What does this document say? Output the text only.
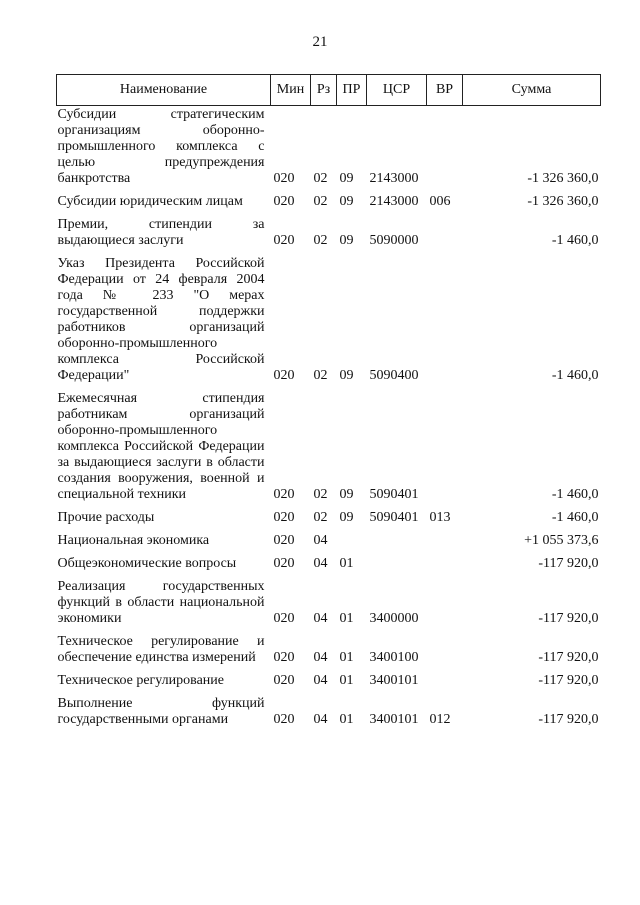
21
Наименование	Мин	Рз	ПР	ЦСР	ВР	Сумма
Субсидии стратегическим организациям оборонно-промышленного комплекса с целью предупреждения банкротства	020	02	09	2143000		-1 326 360,0
Субсидии юридическим лицам	020	02	09	2143000	006	-1 326 360,0
Премии, стипендии за выдающиеся заслуги	020	02	09	5090000		-1 460,0
Указ Президента Российской Федерации от 24 февраля 2004 года № 233 "О мерах государственной поддержки работников организаций оборонно-промышленного комплекса Российской Федерации"	020	02	09	5090400		-1 460,0
Ежемесячная стипендия работникам организаций оборонно-промышленного комплекса Российской Федерации за выдающиеся заслуги в области создания вооружения, военной и специальной техники	020	02	09	5090401		-1 460,0
Прочие расходы	020	02	09	5090401	013	-1 460,0
Национальная экономика	020	04				+1 055 373,6
Общеэкономические вопросы	020	04	01			-117 920,0
Реализация государственных функций в области национальной экономики	020	04	01	3400000		-117 920,0
Техническое регулирование и обеспечение единства измерений	020	04	01	3400100		-117 920,0
Техническое регулирование	020	04	01	3400101		-117 920,0
Выполнение функций государственными органами	020	04	01	3400101	012	-117 920,0
